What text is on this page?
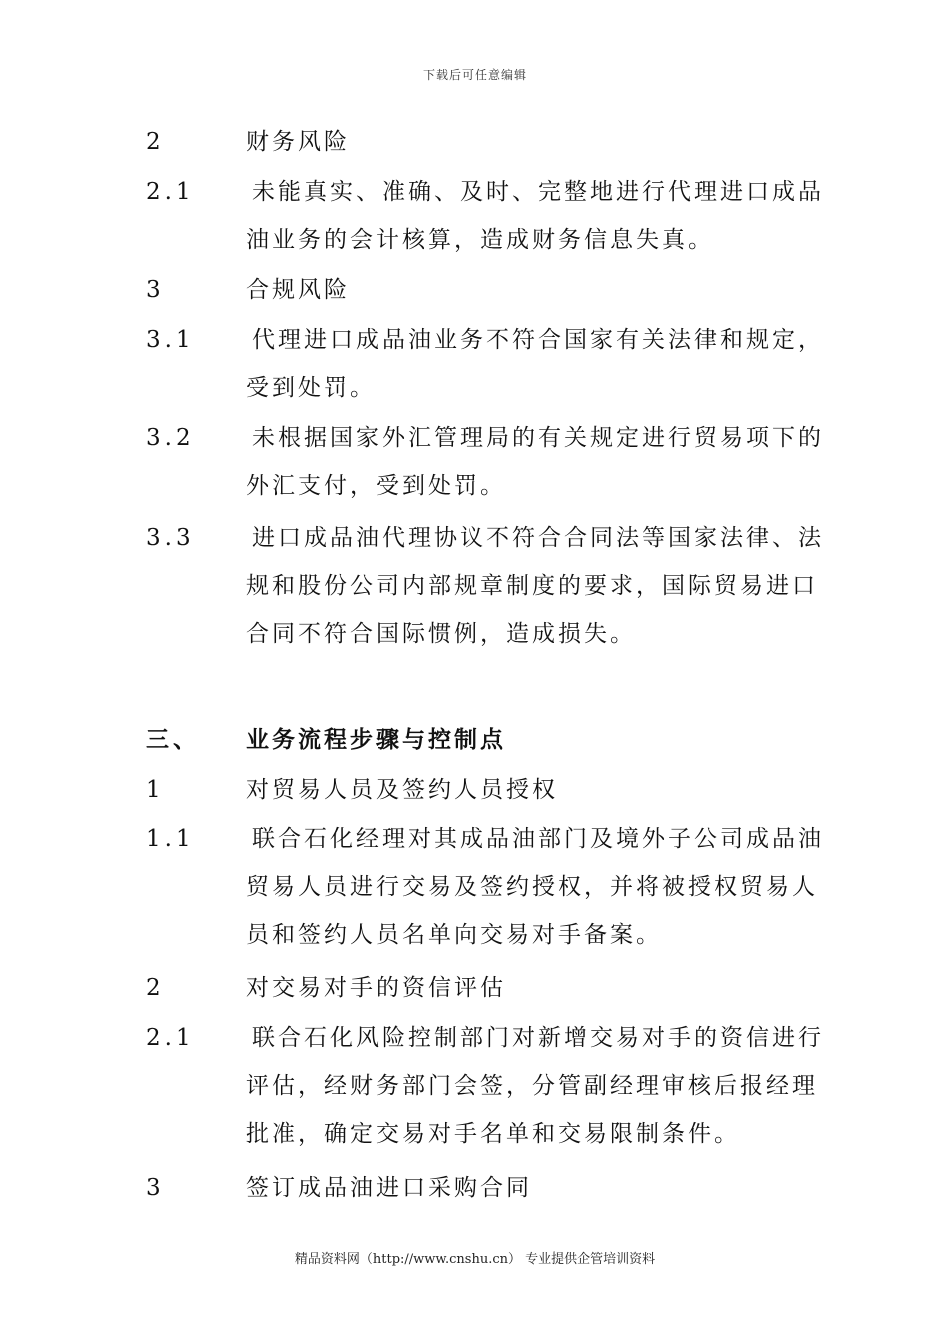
下载后可任意编辑
2	财务风险
2.1 未能真实、准确、及时、完整地进行代理进口成品油业务的会计核算，造成财务信息失真。
3	合规风险
3.1 代理进口成品油业务不符合国家有关法律和规定，受到处罚。
3.2 未根据国家外汇管理局的有关规定进行贸易项下的外汇支付，受到处罚。
3.3 进口成品油代理协议不符合合同法等国家法律、法规和股份公司内部规章制度的要求，国际贸易进口合同不符合国际惯例，造成损失。
三、 业务流程步骤与控制点
1	对贸易人员及签约人员授权
1.1 联合石化经理对其成品油部门及境外子公司成品油贸易人员进行交易及签约授权，并将被授权贸易人员和签约人员名单向交易对手备案。
2	对交易对手的资信评估
2.1 联合石化风险控制部门对新增交易对手的资信进行评估，经财务部门会签，分管副经理审核后报经理批准，确定交易对手名单和交易限制条件。
3	签订成品油进口采购合同
精品资料网（http://www.cnshu.cn） 专业提供企管培训资料
